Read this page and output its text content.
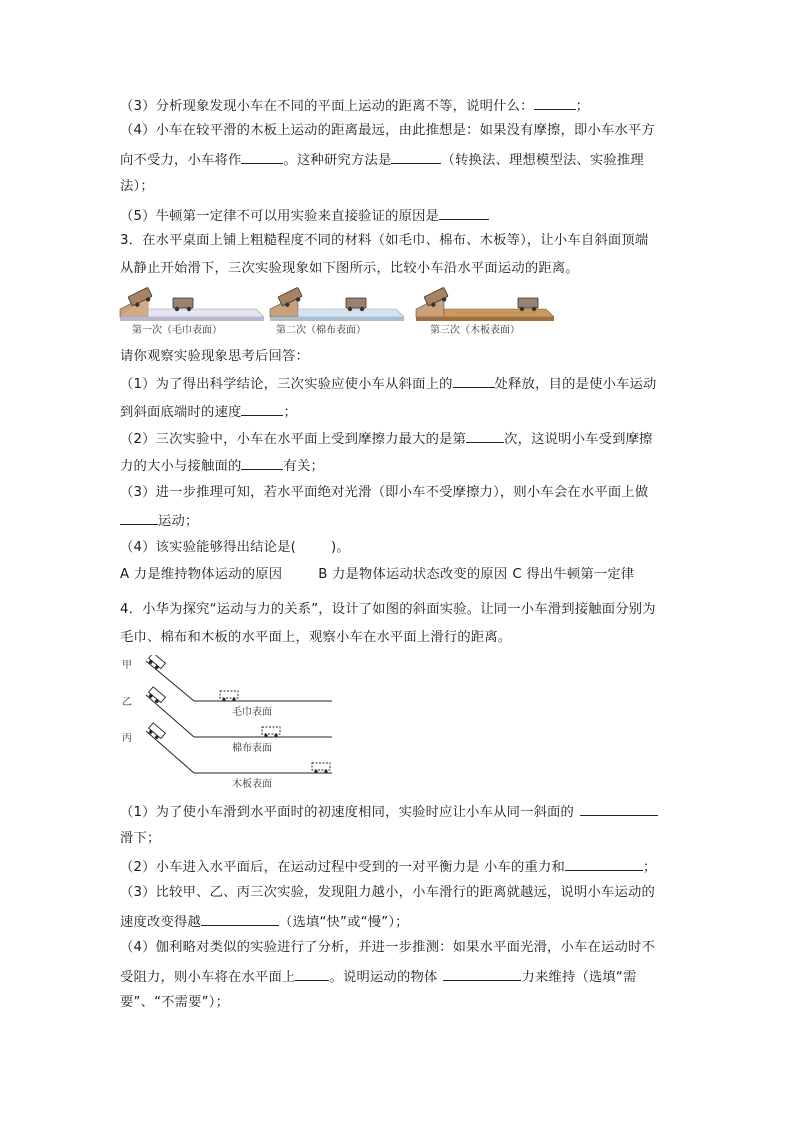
（3）分析现象发现小车在不同的平面上运动的距离不等，说明什么：	；
（4）小车在较平滑的木板上运动的距离最远，由此推想是：如果没有摩擦，即小车水平方
向不受力，小车将作	。这种研究方法是	（转换法、理想模型法、实验推理
法）；
（5）牛顿第一定律不可以用实验来直接验证的原因是
3．在水平桌面上铺上粗糙程度不同的材料（如毛巾、棉布、木板等），让小车自斜面顶端
从静止开始滑下，三次实验现象如下图所示，比较小车沿水平面运动的距离。
第一次（毛巾表面）	第二次（棉布表面）	第三次（木板表面）
请你观察实验现象思考后回答：
（1）为了得出科学结论，三次实验应使小车从斜面上的	处释放，目的是使小车运动
到斜面底端时的速度	；
（2）三次实验中，小车在水平面上受到摩擦力最大的是第	次，这说明小车受到摩擦
力的大小与接触面的	有关；
（3）进一步推理可知，若水平面绝对光滑（即小车不受摩擦力），则小车会在水平面上做
运动；
（4）该实验能够得出结论是(	)。
A 力是维持物体运动的原因	B 力是物体运动状态改变的原因 C 得出牛顿第一定律
4．小华为探究“运动与力的关系”，设计了如图的斜面实验。让同一小车滑到接触面分别为
毛巾、棉布和木板的水平面上，观察小车在水平面上滑行的距离。
甲
乙
丙
毛巾表面
棉布表面
木板表面
（1）为了使小车滑到水平面时的初速度相同，实验时应让小车从同一斜面的
滑下；
（2）小车进入水平面后，在运动过程中受到的一对平衡力是 小车的重力和	；
（3）比较甲、乙、丙三次实验，发现阻力越小，小车滑行的距离就越远，说明小车运动的
速度改变得越	（选填“快”或“慢”）；
（4）伽利略对类似的实验进行了分析，并进一步推测：如果水平面光滑，小车在运动时不
受阻力，则小车将在水平面上	。说明运动的物体	力来维持（选填“需
要”、“不需要”）；
